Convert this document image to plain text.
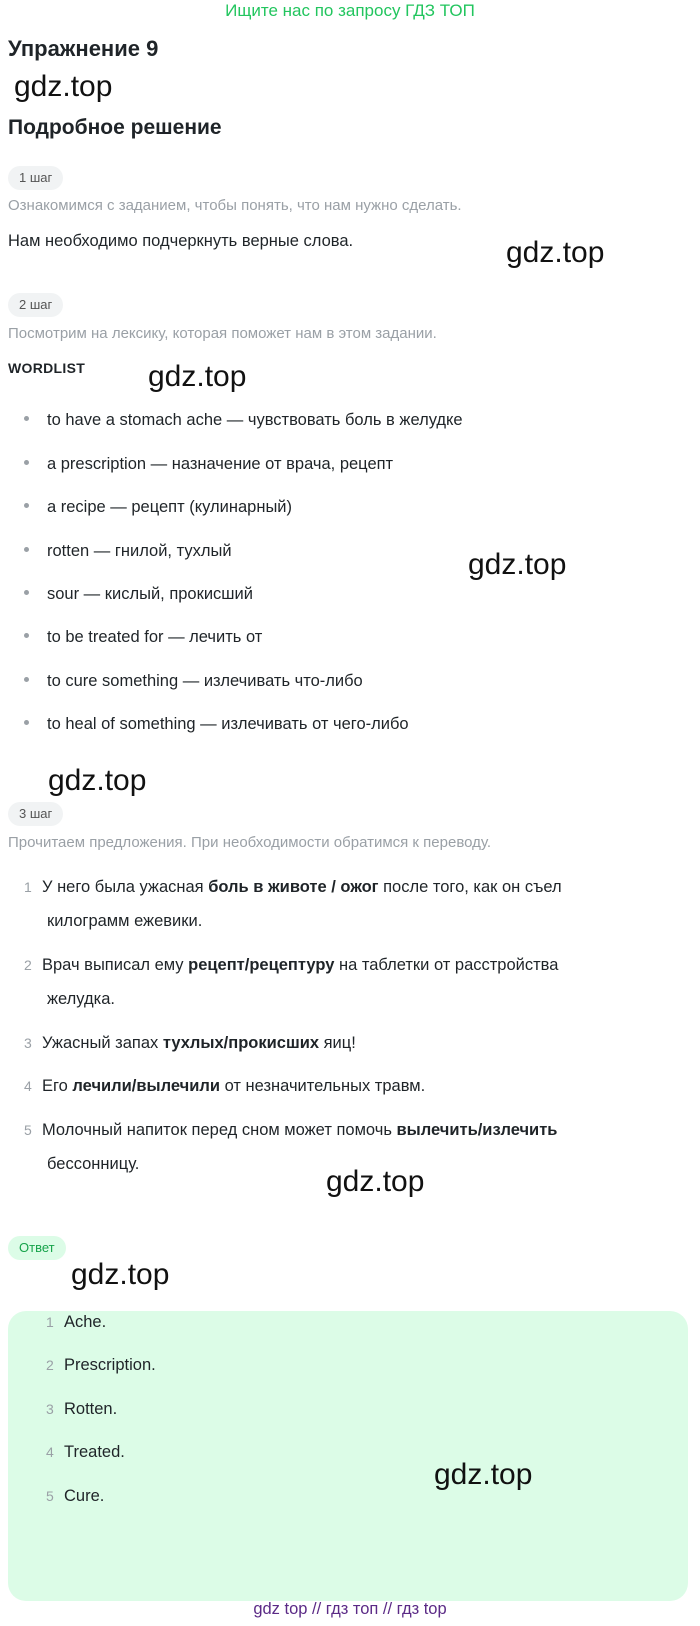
Ищите нас по запросу ГДЗ ТОП
Упражнение 9
gdz.top
Подробное решение
1 шаг
Ознакомимся с заданием, чтобы понять, что нам нужно сделать.
Нам необходимо подчеркнуть верные слова.	gdz.top
2 шаг
Посмотрим на лексику, которая поможет нам в этом задании.
WORDLIST gdz.top
to have a stomach ache — чувствовать боль в желудке
a prescription — назначение от врача, рецепт
a recipe — рецепт (кулинарный)
rotten — гнилой, тухлый
sour — кислый, прокисший
to be treated for — лечить от
to cure something — излечивать что-либо
to heal of something — излечивать от чего-либо
gdz.top
gdz.top
3 шаг
Прочитаем предложения. При необходимости обратимся к переводу.
1 У него была ужасная боль в животе / ожог после того, как он съел
килограмм ежевики.
2 Врач выписал ему рецепт/рецептуру на таблетки от расстройства
желудка.
3 Ужасный запах тухлых/прокисших яиц!
4 Его лечили/вылечили от незначительных травм.
5 Молочный напиток перед сном может помочь вылечить/излечить
бессонницу.
gdz.top
Ответ
gdz.top
1 Ache.
2 Prescription.
3 Rotten.
4 Treated.
5 Cure.
gdz.top
gdz top // гдз топ // гдз top
